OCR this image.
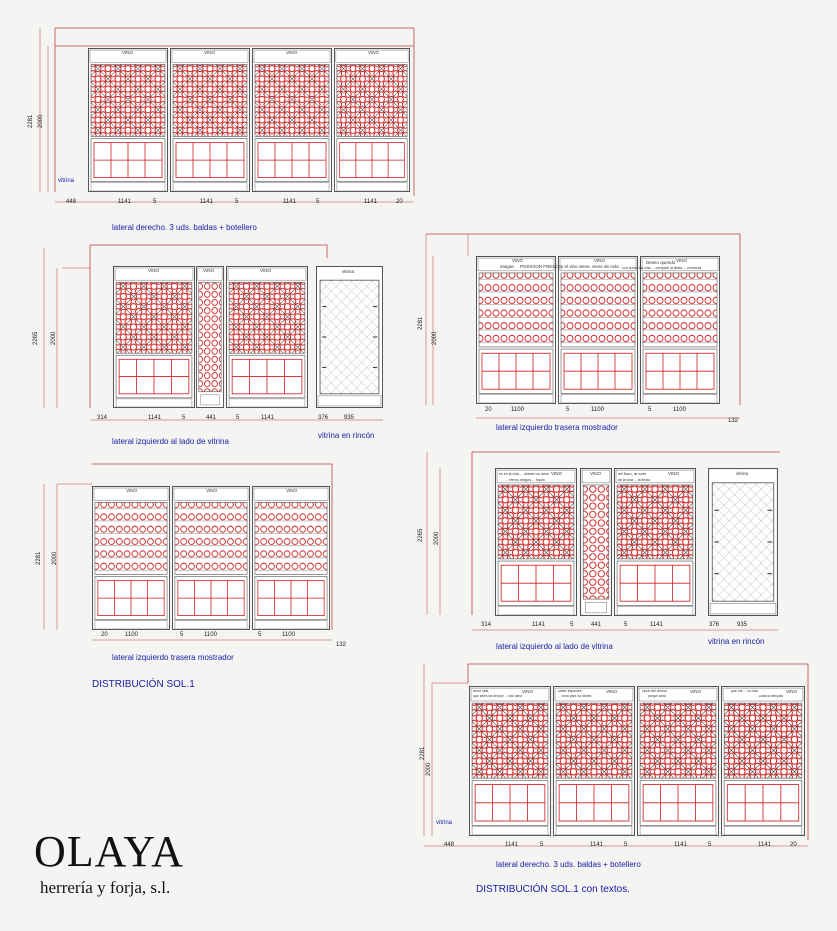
2281 2000
vitrina
VINO	VINO	VINO	VINO
448	1141	5	1141	5	1141	5	1141	20
lateral derecho. 3 uds. baldas + botellero
2265 2000
VINO	VINO	VINO	vitrina
314	1141	5	441	5	1141	376	935
lateral izquierdo al lado de vitrina
vitrina en rincón
2281
2000
VINO	VINO	VINO
sangre POSICION FRESCA y el vino viene, viene de más
Deseo querido
con hurtar las vida ... compartí la fiesta ... conversa
20	1100	5	1100	5	1100
132
lateral izquierdo trasera mostrador
2281 2000
VINO	VINO	VINO
20	1100	5	1100	5	1100
132
lateral izquierdo trasera mostrador
DISTRIBUCIÓN SOL.1
2265 2000
VINO	VINO	VINO	vitrina
en en la vida ... ofrecen un amor
... eterno amigos ... fiqura
del Baco, de corte
de la vida ... la fiesta
314	1141	5	441	5	1141	376	935
lateral izquierdo al lado de vitrina
vitrina en rincón
2281
2000
vitrina
VINO	VINO	VINO	VINO
amor vida
quiz antes las del pan ... solo alma
saber especies
... vinos para los dioses
vinos del vinoso
porque cada
que me ... la vida
... pasa la tranquila
448	1141	5	1141	5	1141	5	1141	20
lateral derecho. 3 uds. baldas + botellero
DISTRIBUCIÓN SOL.1 con textos.
OLAYA
herrería y forja, s.l.
